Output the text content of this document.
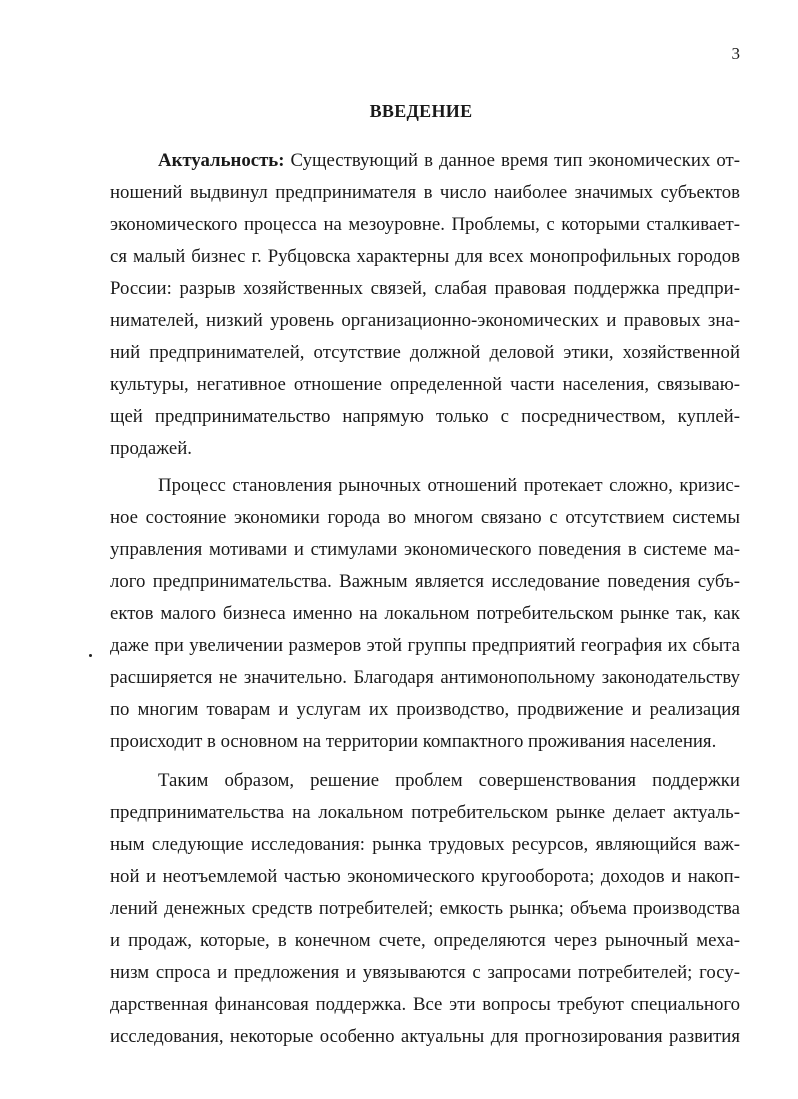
3
ВВЕДЕНИЕ
Актуальность: Существующий в данное время тип экономических от-
ношений выдвинул предпринимателя в число наиболее значимых субъектов
экономического процесса на мезоуровне. Проблемы, с которыми сталкивает-
ся малый бизнес г. Рубцовска характерны для всех монопрофильных городов
России: разрыв хозяйственных связей, слабая правовая поддержка предпри-
нимателей, низкий уровень организационно-экономических и правовых зна-
ний предпринимателей, отсутствие должной деловой этики, хозяйственной
культуры, негативное отношение определенной части населения, связываю-
щей предпринимательство напрямую только с посредничеством, куплей-
продажей.
Процесс становления рыночных отношений протекает сложно, кризис-
ное состояние экономики города во многом связано с отсутствием системы
управления мотивами и стимулами экономического поведения в системе ма-
лого предпринимательства. Важным является исследование поведения субъ-
ектов малого бизнеса именно на локальном потребительском рынке так, как
даже при увеличении размеров этой группы предприятий география их сбыта
расширяется не значительно. Благодаря антимонопольному законодательству
по многим товарам и услугам их производство, продвижение и реализация
происходит в основном на территории компактного проживания населения.
Таким образом, решение проблем совершенствования поддержки
предпринимательства на локальном потребительском рынке делает актуаль-
ным следующие исследования: рынка трудовых ресурсов, являющийся важ-
ной и неотъемлемой частью экономического кругооборота; доходов и накоп-
лений денежных средств потребителей; емкость рынка; объема производства
и продаж, которые, в конечном счете, определяются через рыночный меха-
низм спроса и предложения и увязываются с запросами потребителей; госу-
дарственная финансовая поддержка. Все эти вопросы требуют специального
исследования, некоторые особенно актуальны для прогнозирования развития
